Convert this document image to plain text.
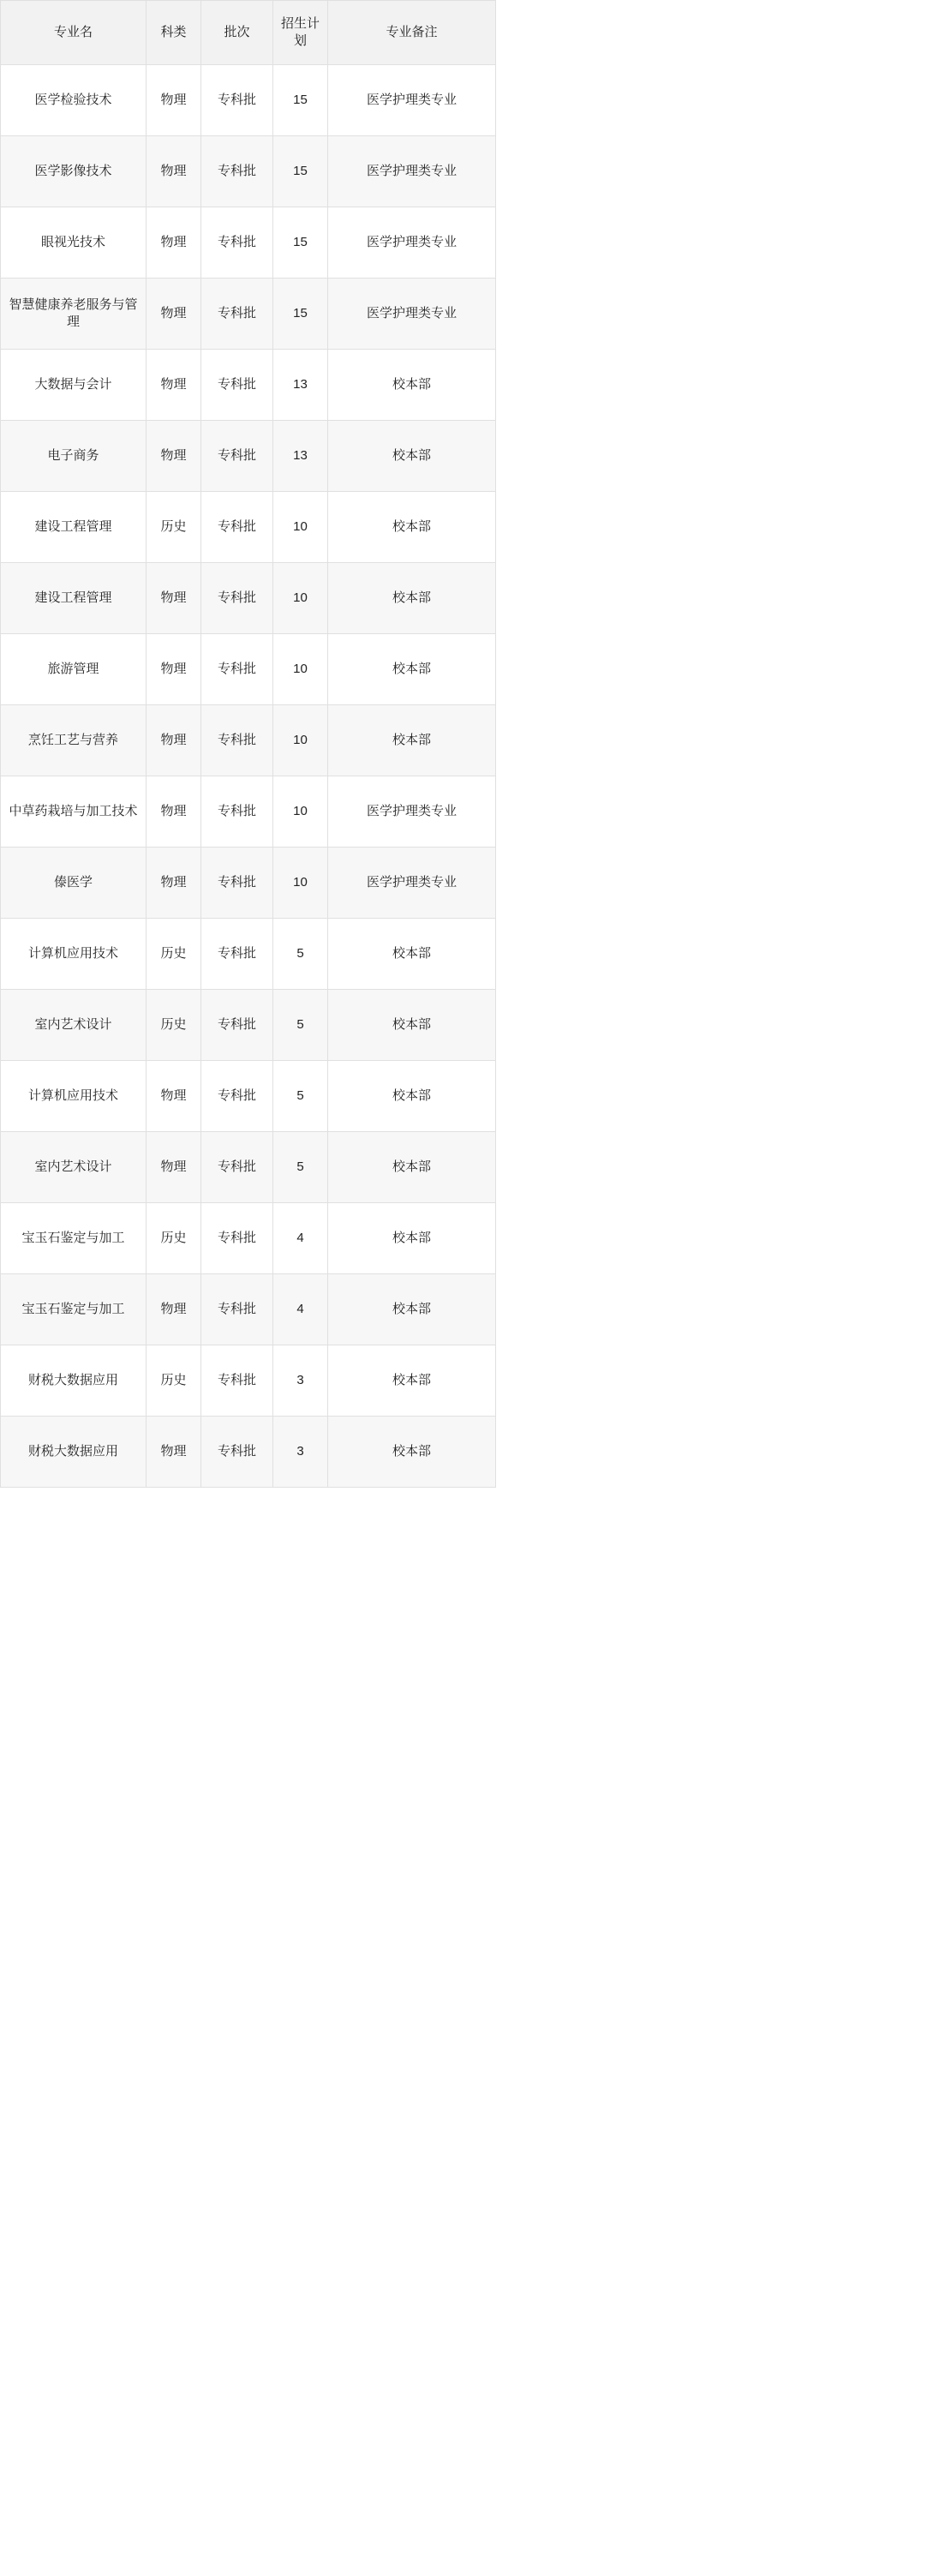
专业名	科类	批次	招生计划	专业备注
医学检验技术	物理	专科批	15	医学护理类专业
医学影像技术	物理	专科批	15	医学护理类专业
眼视光技术	物理	专科批	15	医学护理类专业
智慧健康养老服务与管理	物理	专科批	15	医学护理类专业
大数据与会计	物理	专科批	13	校本部
电子商务	物理	专科批	13	校本部
建设工程管理	历史	专科批	10	校本部
建设工程管理	物理	专科批	10	校本部
旅游管理	物理	专科批	10	校本部
烹饪工艺与营养	物理	专科批	10	校本部
中草药栽培与加工技术	物理	专科批	10	医学护理类专业
傣医学	物理	专科批	10	医学护理类专业
计算机应用技术	历史	专科批	5	校本部
室内艺术设计	历史	专科批	5	校本部
计算机应用技术	物理	专科批	5	校本部
室内艺术设计	物理	专科批	5	校本部
宝玉石鉴定与加工	历史	专科批	4	校本部
宝玉石鉴定与加工	物理	专科批	4	校本部
财税大数据应用	历史	专科批	3	校本部
财税大数据应用	物理	专科批	3	校本部
